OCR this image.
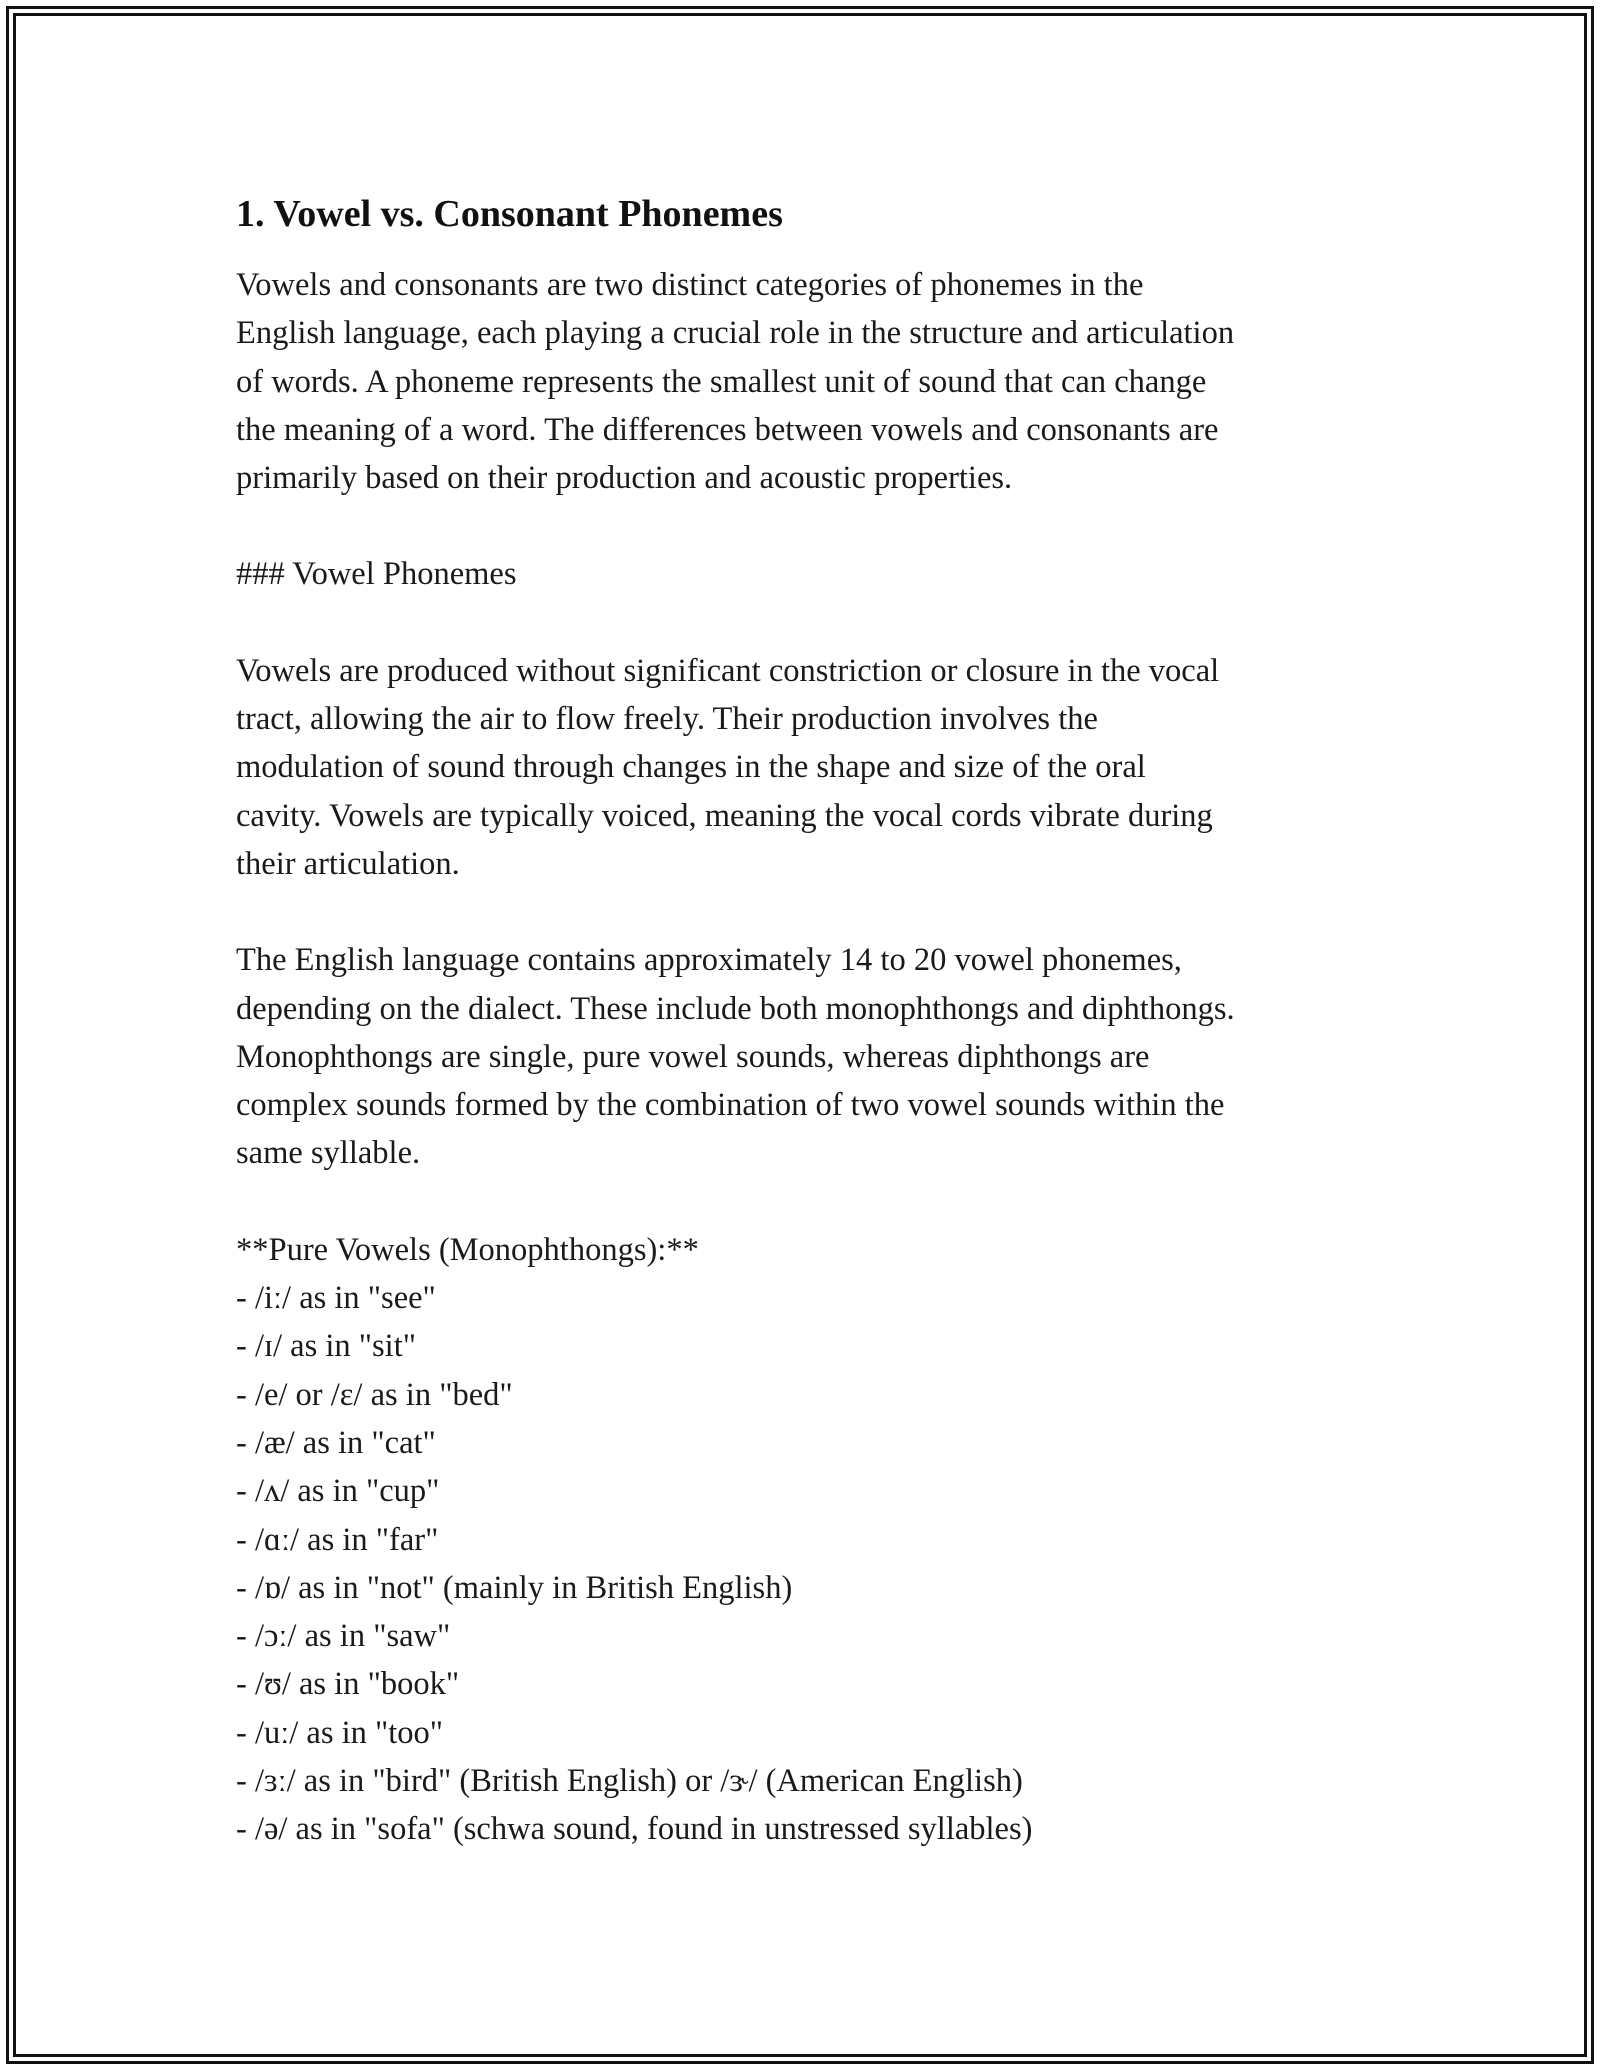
1. Vowel vs. Consonant Phonemes

Vowels and consonants are two distinct categories of phonemes in the
English language, each playing a crucial role in the structure and articulation
of words. A phoneme represents the smallest unit of sound that can change
the meaning of a word. The differences between vowels and consonants are
primarily based on their production and acoustic properties.

### Vowel Phonemes

Vowels are produced without significant constriction or closure in the vocal
tract, allowing the air to flow freely. Their production involves the
modulation of sound through changes in the shape and size of the oral
cavity. Vowels are typically voiced, meaning the vocal cords vibrate during
their articulation.

The English language contains approximately 14 to 20 vowel phonemes,
depending on the dialect. These include both monophthongs and diphthongs.
Monophthongs are single, pure vowel sounds, whereas diphthongs are
complex sounds formed by the combination of two vowel sounds within the
same syllable.

**Pure Vowels (Monophthongs):**
- /iː/ as in "see"
- /ɪ/ as in "sit"
- /e/ or /ɛ/ as in "bed"
- /æ/ as in "cat"
- /ʌ/ as in "cup"
- /ɑː/ as in "far"
- /ɒ/ as in "not" (mainly in British English)
- /ɔː/ as in "saw"
- /ʊ/ as in "book"
- /uː/ as in "too"
- /ɜː/ as in "bird" (British English) or /ɝ/ (American English)
- /ə/ as in "sofa" (schwa sound, found in unstressed syllables)
